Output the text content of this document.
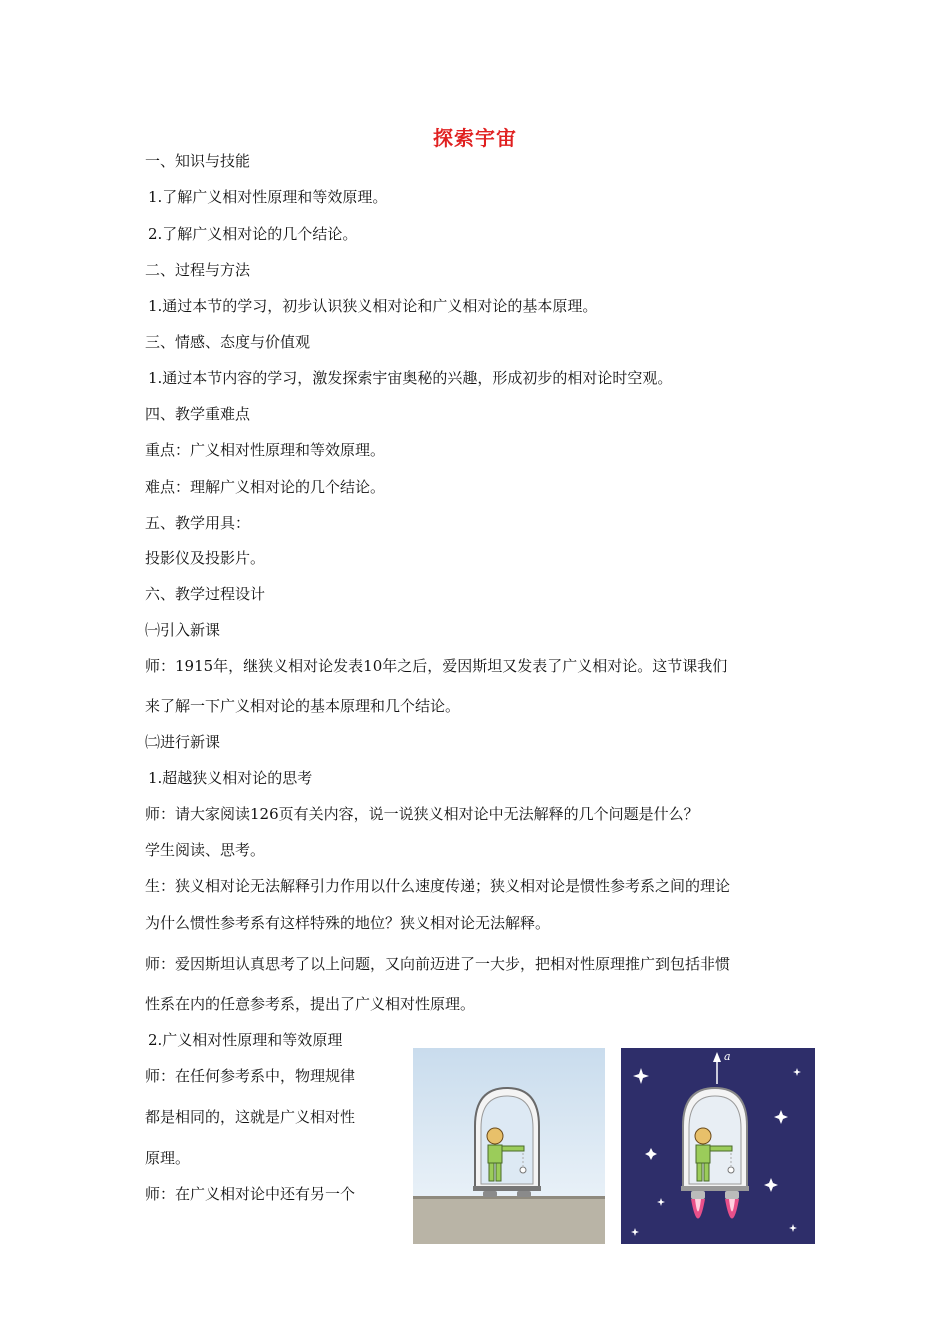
探索宇宙
一、知识与技能
1.了解广义相对性原理和等效原理。
2.了解广义相对论的几个结论。
二、过程与方法
1.通过本节的学习，初步认识狭义相对论和广义相对论的基本原理。
三、情感、态度与价值观
1.通过本节内容的学习，激发探索宇宙奥秘的兴趣，形成初步的相对论时空观。
四、教学重难点
重点：广义相对性原理和等效原理。
难点：理解广义相对论的几个结论。
五、教学用具：
投影仪及投影片。
六、教学过程设计
㈠引入新课
师：1915年，继狭义相对论发表10年之后，爱因斯坦又发表了广义相对论。这节课我们
来了解一下广义相对论的基本原理和几个结论。
㈡进行新课
1.超越狭义相对论的思考
师：请大家阅读126页有关内容，说一说狭义相对论中无法解释的几个问题是什么？
学生阅读、思考。
生：狭义相对论无法解释引力作用以什么速度传递；狭义相对论是惯性参考系之间的理论
为什么惯性参考系有这样特殊的地位？狭义相对论无法解释。
师：爱因斯坦认真思考了以上问题，又向前迈进了一大步，把相对性原理推广到包括非惯
性系在内的任意参考系，提出了广义相对性原理。
2.广义相对性原理和等效原理
师：在任何参考系中，物理规律
都是相同的，这就是广义相对性
原理。
师：在广义相对论中还有另一个
a
